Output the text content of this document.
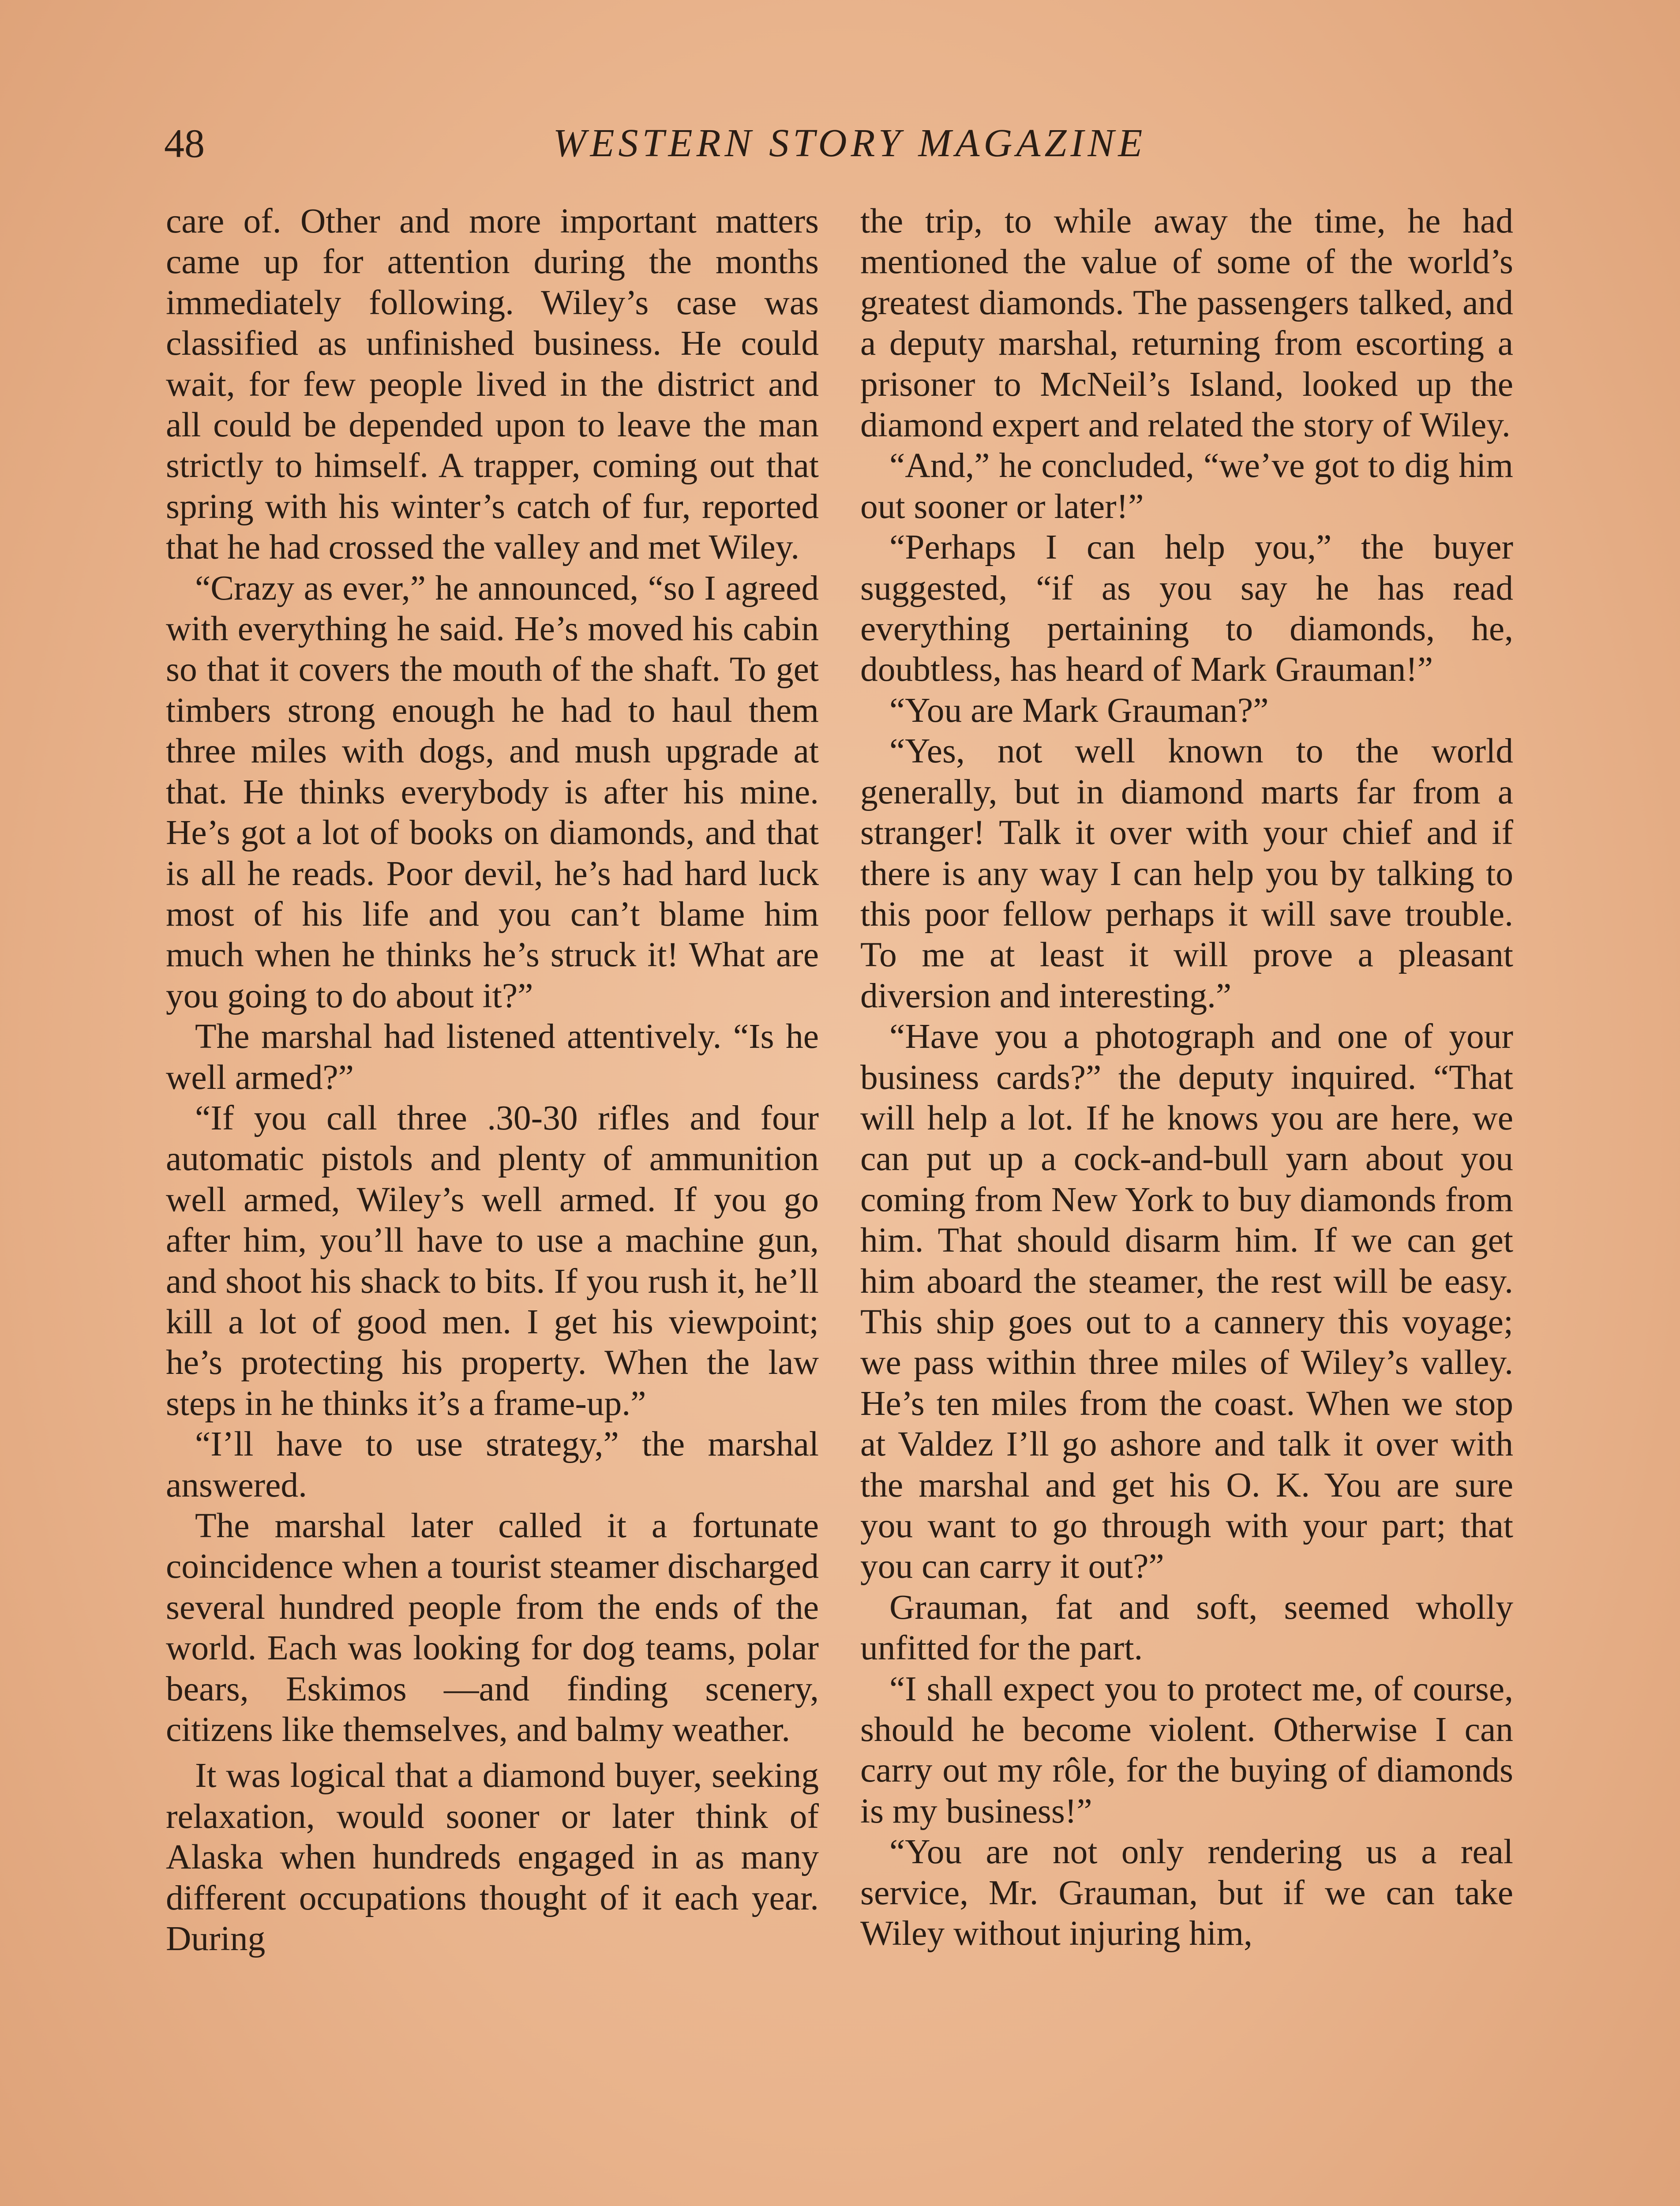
48	WESTERN STORY MAGAZINE

care of. Other and more important matters came up for attention during the months immediately following. Wiley’s case was classified as unfinished business. He could wait, for few people lived in the district and all could be depended upon to leave the man strictly to himself. A trapper, coming out that spring with his winter’s catch of fur, reported that he had crossed the valley and met Wiley.

“Crazy as ever,” he announced, “so I agreed with everything he said. He’s moved his cabin so that it covers the mouth of the shaft. To get timbers strong enough he had to haul them three miles with dogs, and mush upgrade at that. He thinks everybody is after his mine. He’s got a lot of books on diamonds, and that is all he reads. Poor devil, he’s had hard luck most of his life and you can’t blame him much when he thinks he’s struck it! What are you going to do about it?”

The marshal had listened attentively. “Is he well armed?”

“If you call three .30-30 rifles and four automatic pistols and plenty of ammunition well armed, Wiley’s well armed. If you go after him, you’ll have to use a machine gun, and shoot his shack to bits. If you rush it, he’ll kill a lot of good men. I get his viewpoint; he’s protecting his property. When the law steps in he thinks it’s a frame-up.”

“I’ll have to use strategy,” the marshal answered.

The marshal later called it a fortunate coincidence when a tourist steamer discharged several hundred people from the ends of the world. Each was looking for dog teams, polar bears, Eskimos —and finding scenery, citizens like themselves, and balmy weather.

It was logical that a diamond buyer, seeking relaxation, would sooner or later think of Alaska when hundreds engaged in as many different occupations thought of it each year. During

the trip, to while away the time, he had mentioned the value of some of the world’s greatest diamonds. The passengers talked, and a deputy marshal, returning from escorting a prisoner to McNeil’s Island, looked up the diamond expert and related the story of Wiley.

“And,” he concluded, “we’ve got to dig him out sooner or later!”

“Perhaps I can help you,” the buyer suggested, “if as you say he has read everything pertaining to diamonds, he, doubtless, has heard of Mark Grauman!”

“You are Mark Grauman?”

“Yes, not well known to the world generally, but in diamond marts far from a stranger! Talk it over with your chief and if there is any way I can help you by talking to this poor fellow perhaps it will save trouble. To me at least it will prove a pleasant diversion and interesting.”

“Have you a photograph and one of your business cards?” the deputy inquired. “That will help a lot. If he knows you are here, we can put up a cock-and-bull yarn about you coming from New York to buy diamonds from him. That should disarm him. If we can get him aboard the steamer, the rest will be easy. This ship goes out to a cannery this voyage; we pass within three miles of Wiley’s valley. He’s ten miles from the coast. When we stop at Valdez I’ll go ashore and talk it over with the marshal and get his O. K. You are sure you want to go through with your part; that you can carry it out?”

Grauman, fat and soft, seemed wholly unfitted for the part.

“I shall expect you to protect me, of course, should he become violent. Otherwise I can carry out my rôle, for the buying of diamonds is my business!”

“You are not only rendering us a real service, Mr. Grauman, but if we can take Wiley without injuring him,
